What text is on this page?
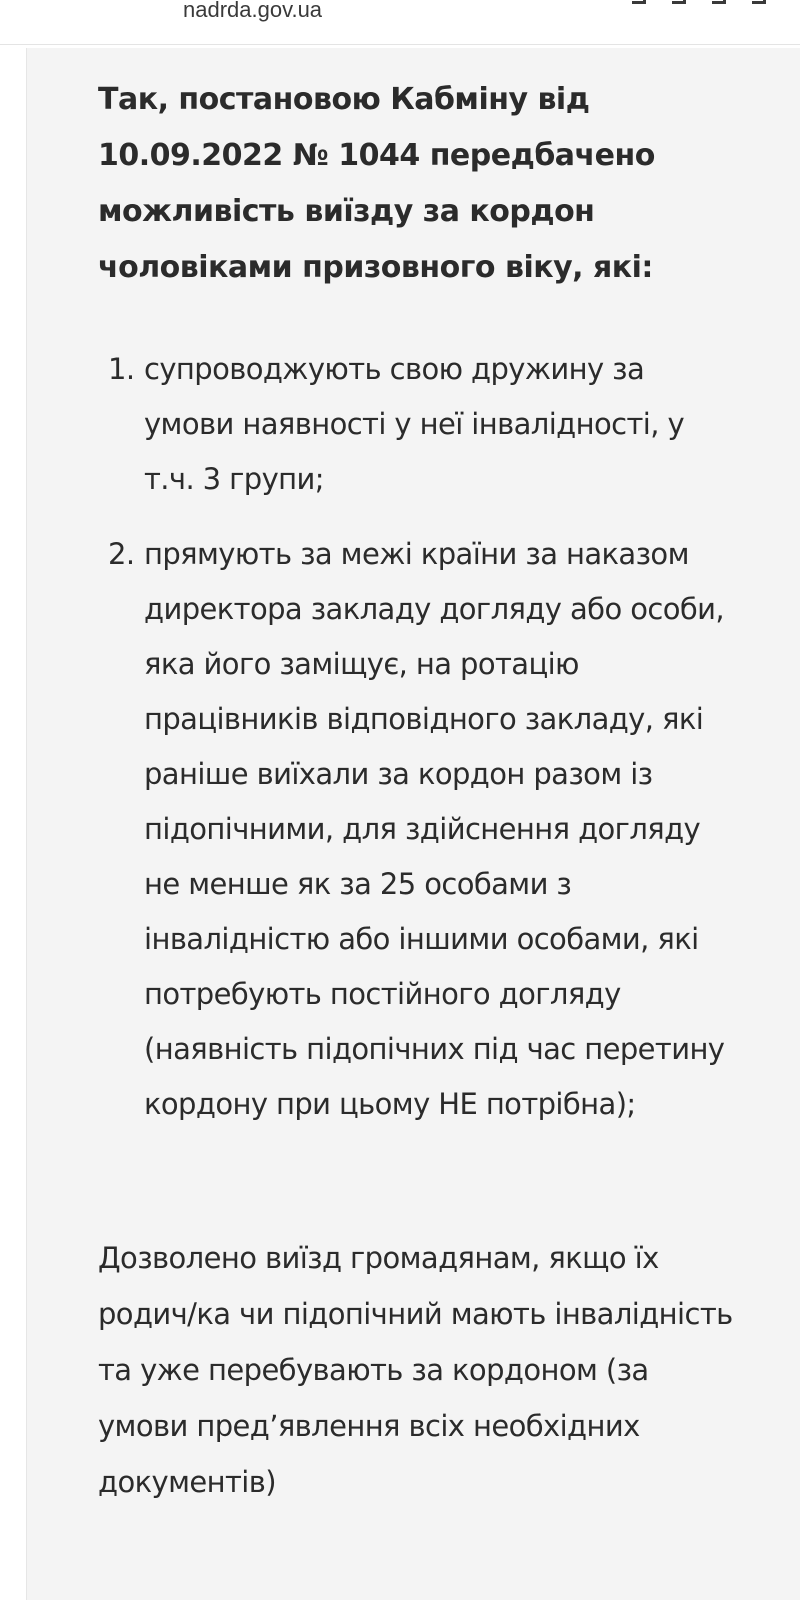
nadrda.gov.ua
Так, постановою Кабміну від 10.09.2022 № 1044 передбачено можливість виїзду за кордон чоловіками призовного віку, які:
1. супроводжують свою дружину за умови наявності у неї інвалідності, у т.ч. 3 групи;
2. прямують за межі країни за наказом директора закладу догляду або особи, яка його заміщує, на ротацію працівників відповідного закладу, які раніше виїхали за кордон разом із підопічними, для здійснення догляду не менше як за 25 особами з інвалідністю або іншими особами, які потребують постійного догляду (наявність підопічних під час перетину кордону при цьому НЕ потрібна);
Дозволено виїзд громадянам, якщо їх родич/ка чи підопічний мають інвалідність та уже перебувають за кордоном (за умови пред’явлення всіх необхідних документів)
